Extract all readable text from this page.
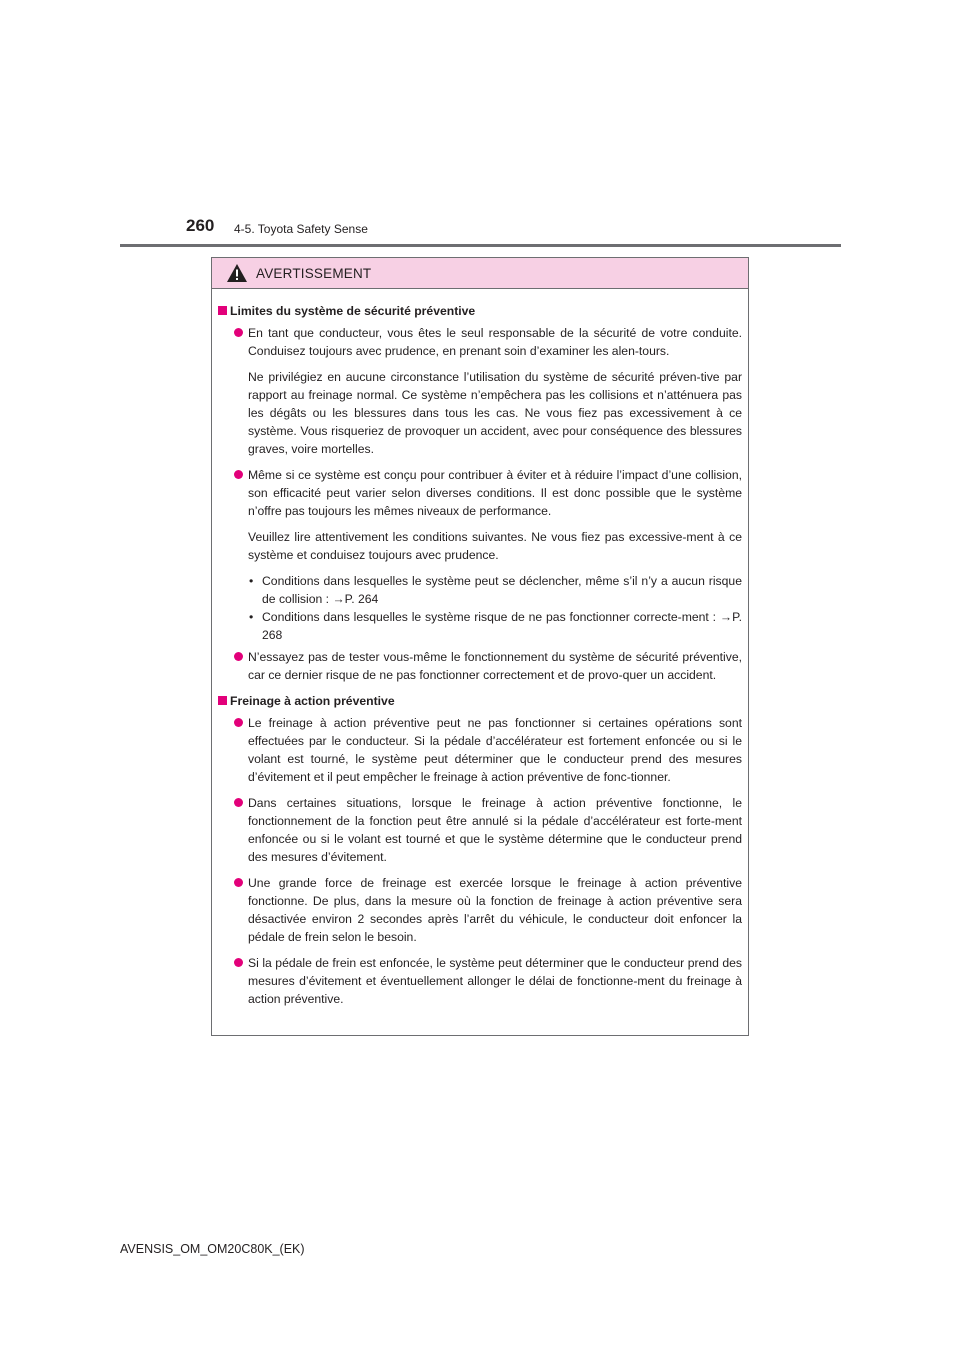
260 4-5. Toyota Safety Sense
AVERTISSEMENT
Limites du système de sécurité préventive
En tant que conducteur, vous êtes le seul responsable de la sécurité de votre conduite. Conduisez toujours avec prudence, en prenant soin d’examiner les alen-tours.
Ne privilégiez en aucune circonstance l’utilisation du système de sécurité préven-tive par rapport au freinage normal. Ce système n’empêchera pas les collisions et n’atténuera pas les dégâts ou les blessures dans tous les cas. Ne vous fiez pas excessivement à ce système. Vous risqueriez de provoquer un accident, avec pour conséquence des blessures graves, voire mortelles.
Même si ce système est conçu pour contribuer à éviter et à réduire l’impact d’une collision, son efficacité peut varier selon diverses conditions. Il est donc possible que le système n’offre pas toujours les mêmes niveaux de performance.
Veuillez lire attentivement les conditions suivantes. Ne vous fiez pas excessive-ment à ce système et conduisez toujours avec prudence.
• Conditions dans lesquelles le système peut se déclencher, même s’il n’y a aucun risque de collision : →P. 264
• Conditions dans lesquelles le système risque de ne pas fonctionner correcte-ment : →P. 268
N’essayez pas de tester vous-même le fonctionnement du système de sécurité préventive, car ce dernier risque de ne pas fonctionner correctement et de provo-quer un accident.
Freinage à action préventive
Le freinage à action préventive peut ne pas fonctionner si certaines opérations sont effectuées par le conducteur. Si la pédale d’accélérateur est fortement enfoncée ou si le volant est tourné, le système peut déterminer que le conducteur prend des mesures d’évitement et il peut empêcher le freinage à action préventive de fonc-tionner.
Dans certaines situations, lorsque le freinage à action préventive fonctionne, le fonctionnement de la fonction peut être annulé si la pédale d’accélérateur est forte-ment enfoncée ou si le volant est tourné et que le système détermine que le conducteur prend des mesures d’évitement.
Une grande force de freinage est exercée lorsque le freinage à action préventive fonctionne. De plus, dans la mesure où la fonction de freinage à action préventive sera désactivée environ 2 secondes après l’arrêt du véhicule, le conducteur doit enfoncer la pédale de frein selon le besoin.
Si la pédale de frein est enfoncée, le système peut déterminer que le conducteur prend des mesures d’évitement et éventuellement allonger le délai de fonctionne-ment du freinage à action préventive.
AVENSIS_OM_OM20C80K_(EK)
